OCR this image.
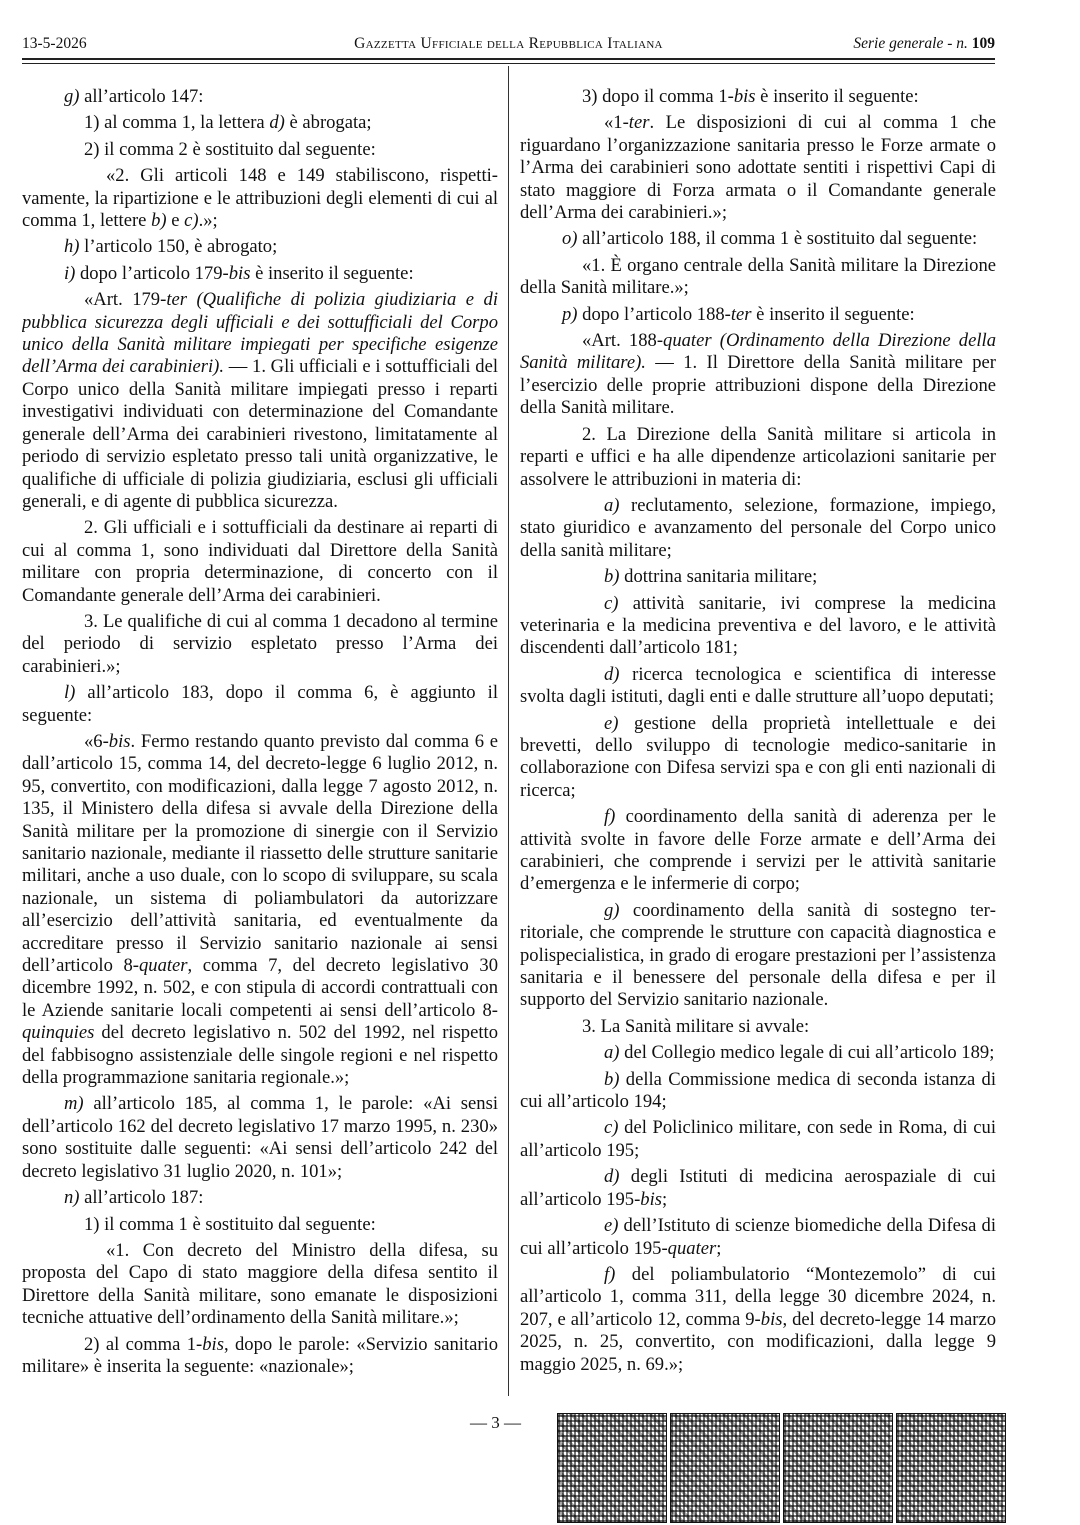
13-5-2026	Gazzetta Ufficiale della Repubblica Italiana	Serie generale - n. 109

g) all’articolo 147:

1) al comma 1, la lettera d) è abrogata;

2) il comma 2 è sostituito dal seguente:

«2. Gli articoli 148 e 149 stabiliscono, rispettivamente, la ripartizione e le attribuzioni degli elementi di cui al comma 1, lettere b) e c).»;

h) l’articolo 150, è abrogato;

i) dopo l’articolo 179-bis è inserito il seguente:

«Art. 179-ter (Qualifiche di polizia giudiziaria e di pubblica sicurezza degli ufficiali e dei sottufficiali del Corpo unico della Sanità militare impiegati per specifiche esigenze dell’Arma dei carabinieri). — 1. Gli ufficiali e i sottufficiali del Corpo unico della Sanità militare impiegati presso i reparti investigativi individuati con determinazione del Comandante generale dell’Arma dei carabinieri rivestono, limitatamente al periodo di servizio espletato presso tali unità organizzative, le qualifiche di ufficiale di polizia giudiziaria, esclusi gli ufficiali generali, e di agente di pubblica sicurezza.

2. Gli ufficiali e i sottufficiali da destinare ai reparti di cui al comma 1, sono individuati dal Direttore della Sanità militare con propria determinazione, di concerto con il Comandante generale dell’Arma dei carabinieri.

3. Le qualifiche di cui al comma 1 decadono al termine del periodo di servizio espletato presso l’Arma dei carabinieri.»;

l) all’articolo 183, dopo il comma 6, è aggiunto il seguente:

«6-bis. Fermo restando quanto previsto dal comma 6 e dall’articolo 15, comma 14, del decreto-legge 6 luglio 2012, n. 95, convertito, con modificazioni, dalla legge 7 agosto 2012, n. 135, il Ministero della difesa si avvale della Direzione della Sanità militare per la promozione di sinergie con il Servizio sanitario nazionale, mediante il riassetto delle strutture sanitarie militari, anche a uso duale, con lo scopo di sviluppare, su scala nazionale, un sistema di poliambulatori da autorizzare all’esercizio dell’attività sanitaria, ed eventualmente da accreditare presso il Servizio sanitario nazionale ai sensi dell’articolo 8-quater, comma 7, del decreto legislativo 30 dicembre 1992, n. 502, e con stipula di accordi contrattuali con le Aziende sanitarie locali competenti ai sensi dell’articolo 8-quinquies del decreto legislativo n. 502 del 1992, nel rispetto del fabbisogno assistenziale delle singole regioni e nel rispetto della programmazione sanitaria regionale.»;

m) all’articolo 185, al comma 1, le parole: «Ai sensi dell’articolo 162 del decreto legislativo 17 marzo 1995, n. 230» sono sostituite dalle seguenti: «Ai sensi dell’articolo 242 del decreto legislativo 31 luglio 2020, n. 101»;

n) all’articolo 187:

1) il comma 1 è sostituito dal seguente:

«1. Con decreto del Ministro della difesa, su proposta del Capo di stato maggiore della difesa sentito il Direttore della Sanità militare, sono emanate le disposizioni tecniche attuative dell’ordinamento della Sanità militare.»;

2) al comma 1-bis, dopo le parole: «Servizio sanitario militare» è inserita la seguente: «nazionale»;

3) dopo il comma 1-bis è inserito il seguente:

«1-ter. Le disposizioni di cui al comma 1 che riguardano l’organizzazione sanitaria presso le Forze armate o l’Arma dei carabinieri sono adottate sentiti i rispettivi Capi di stato maggiore di Forza armata o il Comandante generale dell’Arma dei carabinieri.»;

o) all’articolo 188, il comma 1 è sostituito dal seguente:

«1. È organo centrale della Sanità militare la Direzione della Sanità militare.»;

p) dopo l’articolo 188-ter è inserito il seguente:

«Art. 188-quater (Ordinamento della Direzione della Sanità militare). — 1. Il Direttore della Sanità militare per l’esercizio delle proprie attribuzioni dispone della Direzione della Sanità militare.

2. La Direzione della Sanità militare si articola in reparti e uffici e ha alle dipendenze articolazioni sanitarie per assolvere le attribuzioni in materia di:

a) reclutamento, selezione, formazione, impiego, stato giuridico e avanzamento del personale del Corpo unico della sanità militare;

b) dottrina sanitaria militare;

c) attività sanitarie, ivi comprese la medicina veterinaria e la medicina preventiva e del lavoro, e le attività discendenti dall’articolo 181;

d) ricerca tecnologica e scientifica di interesse svolta dagli istituti, dagli enti e dalle strutture all’uopo deputati;

e) gestione della proprietà intellettuale e dei brevetti, dello sviluppo di tecnologie medico-sanitarie in collaborazione con Difesa servizi spa e con gli enti nazionali di ricerca;

f) coordinamento della sanità di aderenza per le attività svolte in favore delle Forze armate e dell’Arma dei carabinieri, che comprende i servizi per le attività sanitarie d’emergenza e le infermerie di corpo;

g) coordinamento della sanità di sostegno territoriale, che comprende le strutture con capacità diagnostica e polispecialistica, in grado di erogare prestazioni per l’assistenza sanitaria e il benessere del personale della difesa e per il supporto del Servizio sanitario nazionale.

3. La Sanità militare si avvale:

a) del Collegio medico legale di cui all’articolo 189;

b) della Commissione medica di seconda istanza di cui all’articolo 194;

c) del Policlinico militare, con sede in Roma, di cui all’articolo 195;

d) degli Istituti di medicina aerospaziale di cui all’articolo 195-bis;

e) dell’Istituto di scienze biomediche della Difesa di cui all’articolo 195-quater;

f) del poliambulatorio “Montezemolo” di cui all’articolo 1, comma 311, della legge 30 dicembre 2024, n. 207, e all’articolo 12, comma 9-bis, del decreto-legge 14 marzo 2025, n. 25, convertito, con modificazioni, dalla legge 9 maggio 2025, n. 69.»;

— 3 —
